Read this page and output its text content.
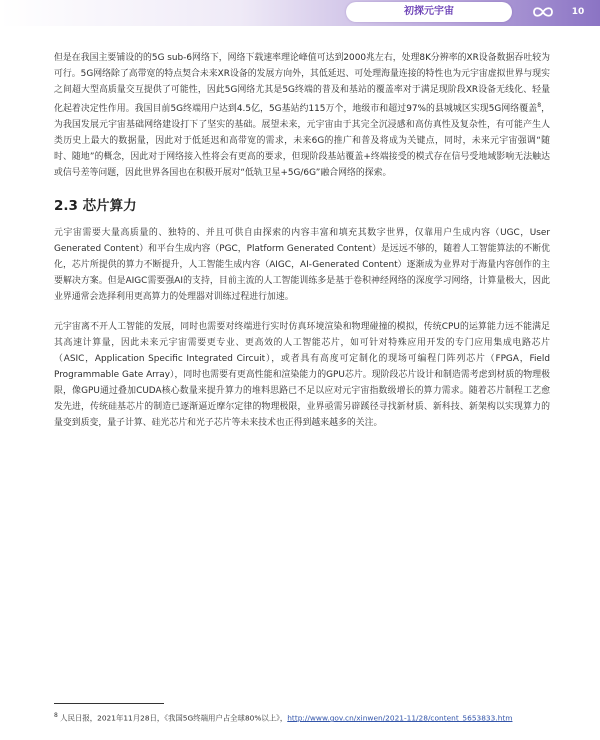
初探元宇宙	10

但是在我国主要铺设的的5G sub-6网络下，网络下载速率理论峰值可达到2000兆左右，处理8K分辨率的XR设备数据吞吐较为可行。5G网络除了高带宽的特点契合未来XR设备的发展方向外，其低延迟、可处理海量连接的特性也为元宇宙虚拟世界与现实之间超大型高质量交互提供了可能性，因此5G网络尤其是5G终端的普及和基站的覆盖率对于满足现阶段XR设备无线化、轻量化起着决定性作用。我国目前5G终端用户达到4.5亿，5G基站约115万个，地级市和超过97%的县城城区实现5G网络覆盖$^8$，为我国发展元宇宙基础网络建设打下了坚实的基础。展望未来，元宇宙由于其完全沉浸感和高仿真性及复杂性，有可能产生人类历史上最大的数据量，因此对于低延迟和高带宽的需求，未来6G的推广和普及将成为关键点，同时，未来元宇宙强调“随时、随地”的概念，因此对于网络接入性将会有更高的要求，但现阶段基站覆盖+终端接受的模式存在信号受地域影响无法触达或信号差等问题，因此世界各国也在积极开展对“低轨卫星+5G/6G”融合网络的探索。

2.3 芯片算力

元宇宙需要大量高质量的、独特的、并且可供自由探索的内容丰富和填充其数字世界，仅靠用户生成内容（UGC，User Generated Content）和平台生成内容（PGC，Platform Generated Content）是远远不够的，随着人工智能算法的不断优化，芯片所提供的算力不断提升，人工智能生成内容（AIGC，AI-Generated Content）逐渐成为业界对于海量内容创作的主要解决方案。但是AIGC需要强AI的支持，目前主流的人工智能训练多是基于卷积神经网络的深度学习网络，计算量极大，因此业界通常会选择利用更高算力的处理器对训练过程进行加速。

元宇宙离不开人工智能的发展，同时也需要对终端进行实时仿真环境渲染和物理碰撞的模拟，传统CPU的运算能力远不能满足其高速计算量，因此未来元宇宙需要更专业、更高效的人工智能芯片，如可针对特殊应用开发的专门应用集成电路芯片（ASIC，Application Specific Integrated Circuit），或者具有高度可定制化的现场可编程门阵列芯片（FPGA，Field Programmable Gate Array），同时也需要有更高性能和渲染能力的GPU芯片。现阶段芯片设计和制造需考虑到材质的物理极限，像GPU通过叠加CUDA核心数量来提升算力的堆料思路已不足以应对元宇宙指数级增长的算力需求。随着芯片制程工艺愈发先进，传统硅基芯片的制造已逐渐逼近摩尔定律的物理极限，业界亟需另辟蹊径寻找新材质、新科技、新架构以实现算力的量变到质变，量子计算、硅光芯片和光子芯片等未来技术也正得到越来越多的关注。

$^8$ 人民日报，2021年11月28日，《我国5G终端用户占全球80%以上》，http://www.gov.cn/xinwen/2021-11/28/content_5653833.htm
